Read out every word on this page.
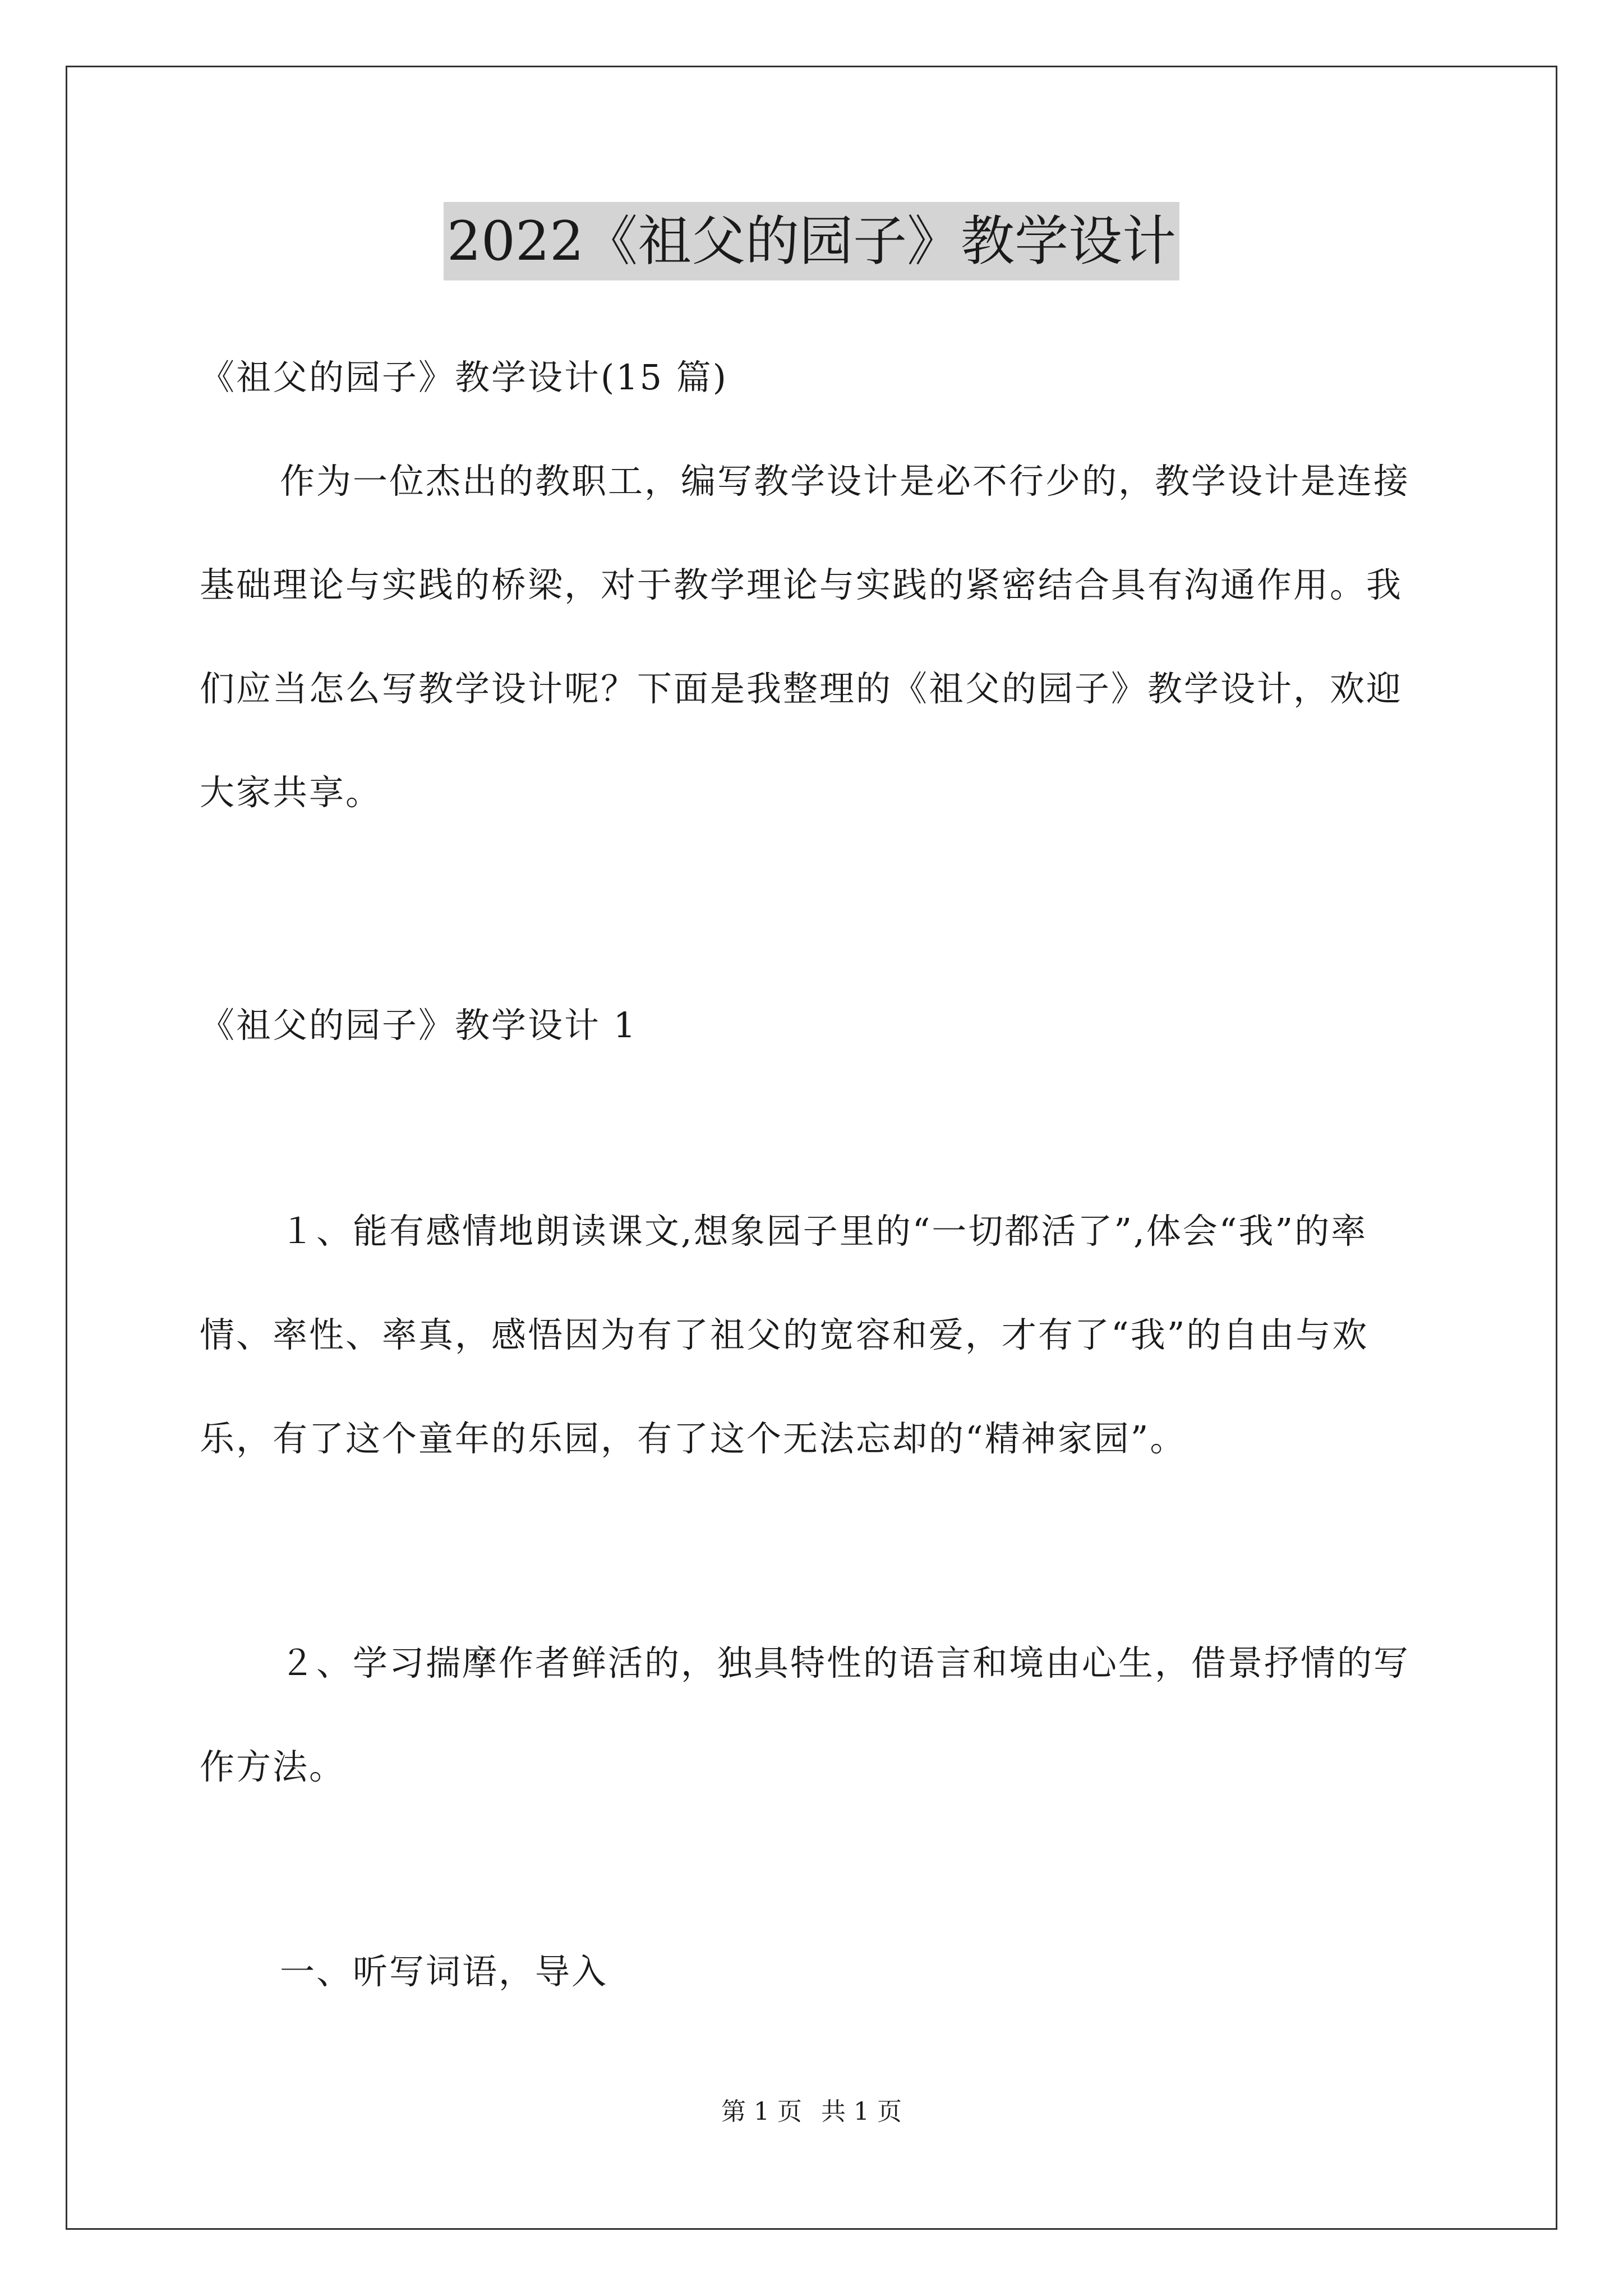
2022《祖父的园子》教学设计

《祖父的园子》教学设计(15 篇)

作为一位杰出的教职工，编写教学设计是必不行少的，教学设计是连接基础理论与实践的桥梁，对于教学理论与实践的紧密结合具有沟通作用。我们应当怎么写教学设计呢？下面是我整理的《祖父的园子》教学设计，欢迎大家共享。

《祖父的园子》教学设计 1

１、能有感情地朗读课文,想象园子里的“一切都活了”,体会“我”的率情、率性、率真，感悟因为有了祖父的宽容和爱，才有了“我”的自由与欢乐，有了这个童年的乐园，有了这个无法忘却的“精神家园”。

２、学习揣摩作者鲜活的，独具特性的语言和境由心生，借景抒情的写作方法。

一、听写词语，导入

第 1 页 共 1 页
